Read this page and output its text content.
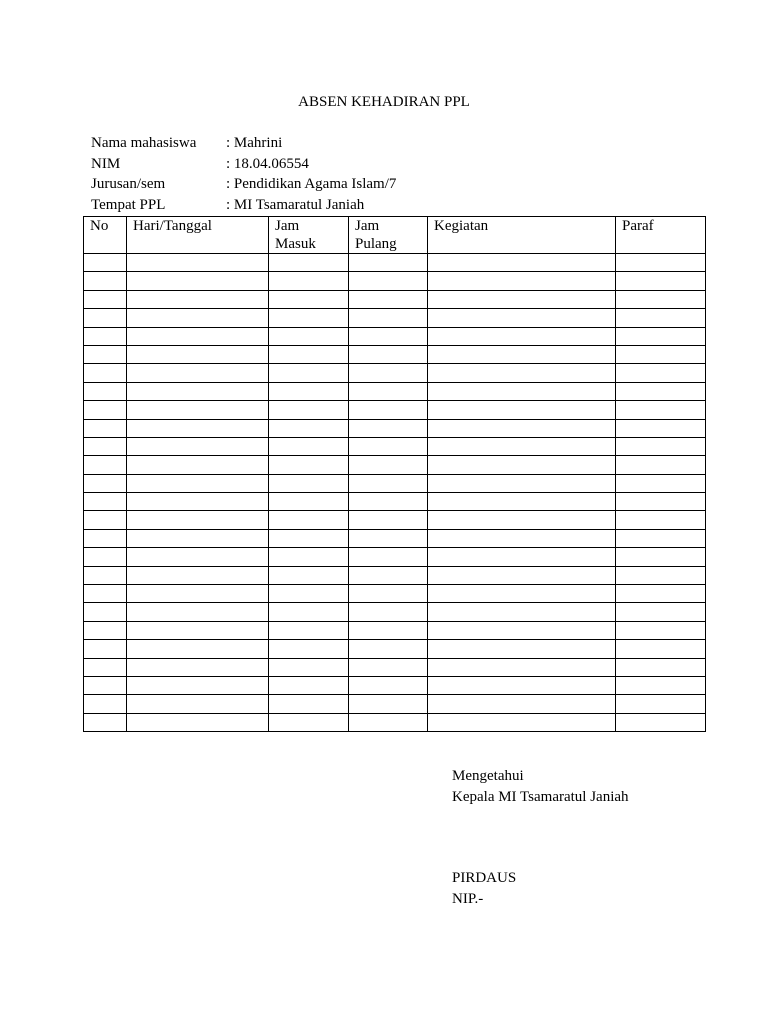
ABSEN KEHADIRAN PPL
Nama mahasiswa : Mahrini
NIM	: 18.04.06554
Jurusan/sem	: Pendidikan Agama Islam/7
Tempat PPL	: MI Tsamaratul Janiah
No	Hari/Tanggal	Jam Masuk	Jam Pulang	Kegiatan	Paraf

Mengetahui
Kepala MI Tsamaratul Janiah
PIRDAUS
NIP.-
